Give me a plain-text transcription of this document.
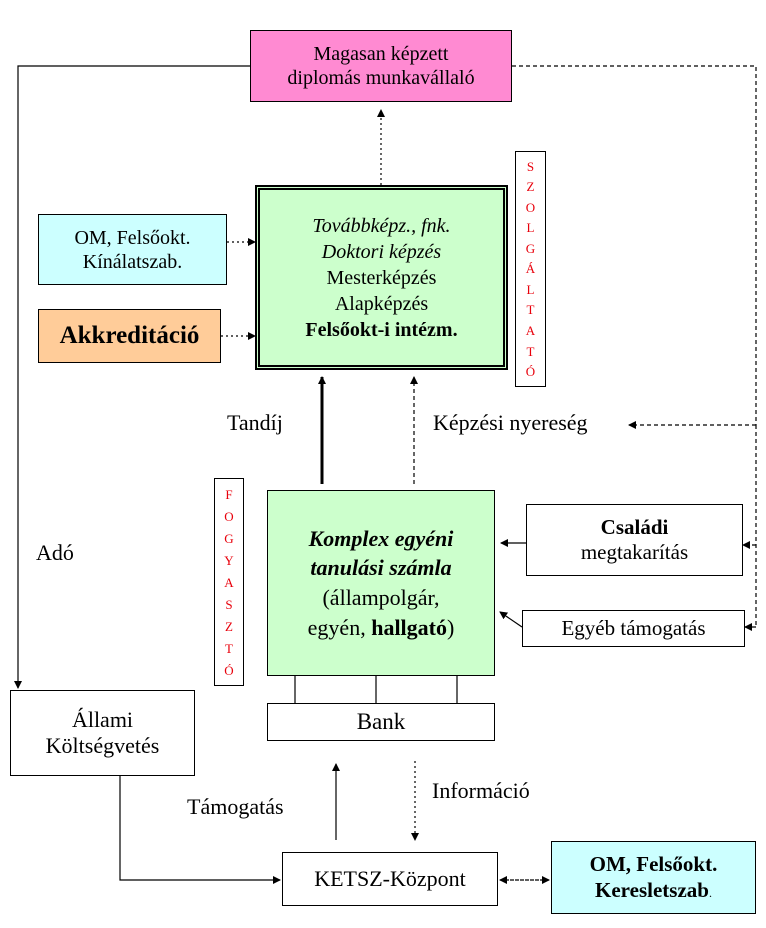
Magasan képzett
diplomás munkavállaló
OM, Felsőokt.
Kínálatszab.
Akkreditáció
Továbbképz., fnk.
Doktori képzés
Mesterképzés
Alapképzés
Felsőokt-i intézm.
S
Z
O
L
G
Á
L
T
A
T
Ó
Tandíj	Képzési nyereség
Adó
Támogatás
Információ
F
O
G
Y
A
S
Z
T
Ó
Komplex egyéni
tanulási számla
(állampolgár,
egyén, hallgató)
Családi
megtakarítás
Egyéb támogatás
Bank
Állami
Költségvetés
KETSZ-Központ
OM, Felsőokt.
Keresletszab.
